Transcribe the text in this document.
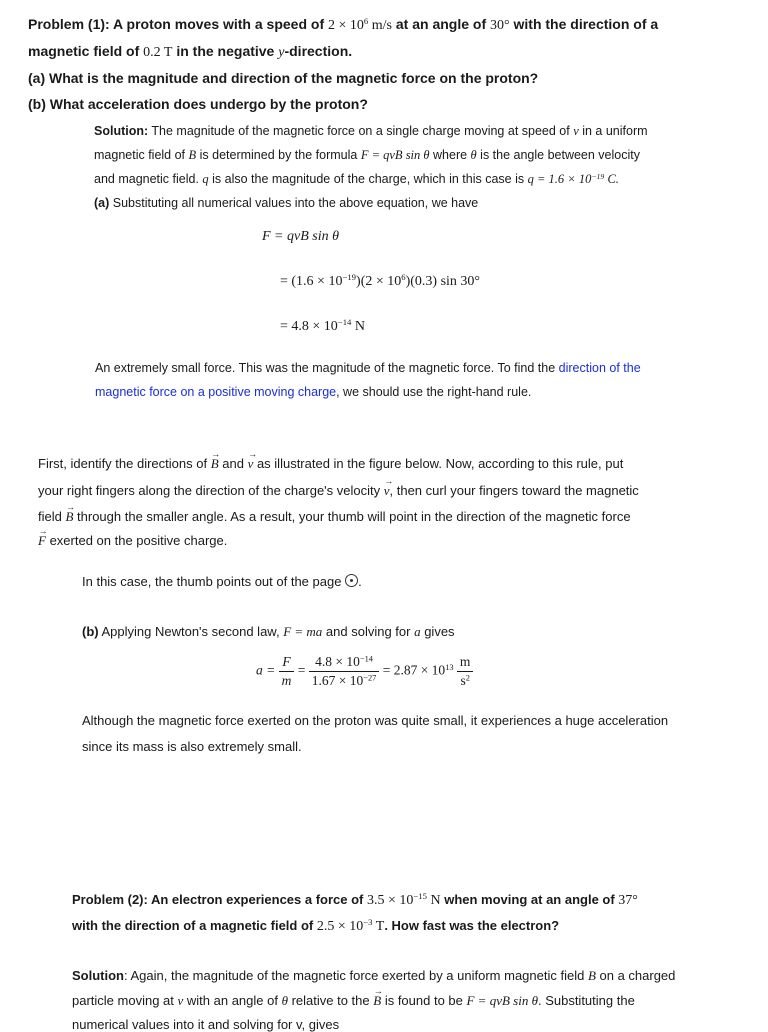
Problem (1): A proton moves with a speed of $2 \times 10^6$ m/s at an angle of 30° with the direction of a
magnetic field of 0.2 T in the negative y-direction.
(a) What is the magnitude and direction of the magnetic force on the proton?
(b) What acceleration does undergo by the proton?
Solution: The magnitude of the magnetic force on a single charge moving at speed of v in a uniform
magnetic field of B is determined by the formula F = qvB sin θ where θ is the angle between velocity
and magnetic field. q is also the magnitude of the charge, which in this case is $q = 1.6 \times 10^{-19}$ C.
(a) Substituting all numerical values into the above equation, we have
F = qvB sin θ
= $(1.6 \times 10^{-19})(2 \times 10^6)(0.3)$ sin 30°
= $4.8 \times 10^{-14}$ N
An extremely small force. This was the magnitude of the magnetic force. To find the direction of the
magnetic force on a positive moving charge, we should use the right-hand rule.
First, identify the directions of → B and → v as illustrated in the figure below. Now, according to this rule, put
your right fingers along the direction of the charge's velocity → v, then curl your fingers toward the magnetic
field → B through the smaller angle. As a result, your thumb will point in the direction of the magnetic force
→ F exerted on the positive charge.
In this case, the thumb points out of the page .
(b) Applying Newton's second law, F = ma and solving for a gives
$a = \frac{F}{m} = \frac{4.8 \times 10^{-14}}{1.67 \times 10^{-27}} = 2.87 \times 10^{13} \frac{m}{s^2}$
Although the magnetic force exerted on the proton was quite small, it experiences a huge acceleration
since its mass is also extremely small.
Problem (2): An electron experiences a force of $3.5 \times 10^{-15}$ N when moving at an angle of 37°
with the direction of a magnetic field of $2.5 \times 10^{-3}$ T. How fast was the electron?
Solution: Again, the magnitude of the magnetic force exerted by a uniform magnetic field B on a charged
particle moving at v with an angle of θ relative to the → B is found to be F = qvB sin θ. Substituting the
numerical values into it and solving for v, gives
